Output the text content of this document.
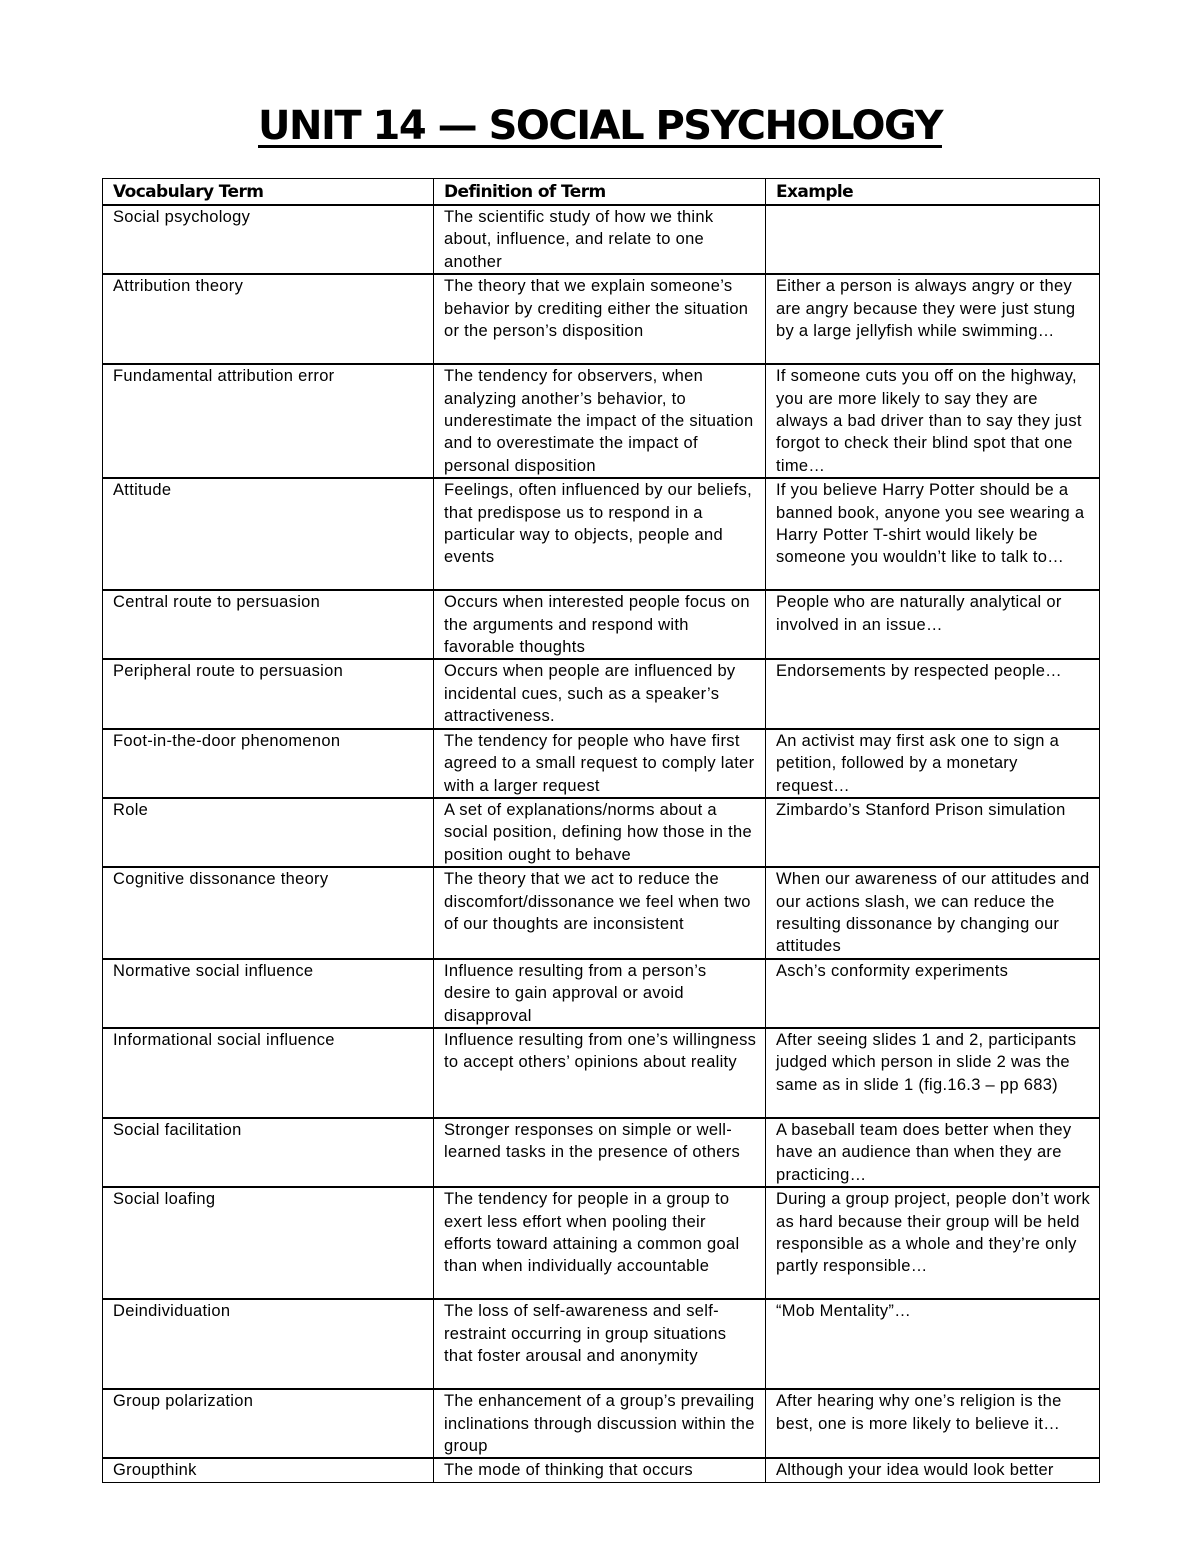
UNIT 14 — SOCIAL PSYCHOLOGY
Vocabulary Term	Definition of Term	Example
Social psychology	The scientific study of how we think about, influence, and relate to one another	
Attribution theory	The theory that we explain someone’s behavior by crediting either the situation or the person’s disposition	Either a person is always angry or they are angry because they were just stung by a large jellyfish while swimming…
Fundamental attribution error	The tendency for observers, when analyzing another’s behavior, to underestimate the impact of the situation and to overestimate the impact of personal disposition	If someone cuts you off on the highway, you are more likely to say they are always a bad driver than to say they just forgot to check their blind spot that one time…
Attitude	Feelings, often influenced by our beliefs, that predispose us to respond in a particular way to objects, people and events	If you believe Harry Potter should be a banned book, anyone you see wearing a Harry Potter T-shirt would likely be someone you wouldn’t like to talk to…
Central route to persuasion	Occurs when interested people focus on the arguments and respond with favorable thoughts	People who are naturally analytical or involved in an issue…
Peripheral route to persuasion	Occurs when people are influenced by incidental cues, such as a speaker’s attractiveness.	Endorsements by respected people…
Foot-in-the-door phenomenon	The tendency for people who have first agreed to a small request to comply later with a larger request	An activist may first ask one to sign a petition, followed by a monetary request…
Role	A set of explanations/norms about a social position, defining how those in the position ought to behave	Zimbardo’s Stanford Prison simulation
Cognitive dissonance theory	The theory that we act to reduce the discomfort/dissonance we feel when two of our thoughts are inconsistent	When our awareness of our attitudes and our actions slash, we can reduce the resulting dissonance by changing our attitudes
Normative social influence	Influence resulting from a person’s desire to gain approval or avoid disapproval	Asch’s conformity experiments
Informational social influence	Influence resulting from one’s willingness to accept others’ opinions about reality	After seeing slides 1 and 2, participants judged which person in slide 2 was the same as in slide 1 (fig.16.3 – pp 683)
Social facilitation	Stronger responses on simple or well-learned tasks in the presence of others	A baseball team does better when they have an audience than when they are practicing…
Social loafing	The tendency for people in a group to exert less effort when pooling their efforts toward attaining a common goal than when individually accountable	During a group project, people don’t work as hard because their group will be held responsible as a whole and they’re only partly responsible…
Deindividuation	The loss of self-awareness and self-restraint occurring in group situations that foster arousal and anonymity	“Mob Mentality”…
Group polarization	The enhancement of a group’s prevailing inclinations through discussion within the group	After hearing why one’s religion is the best, one is more likely to believe it…
Groupthink	The mode of thinking that occurs	Although your idea would look better
